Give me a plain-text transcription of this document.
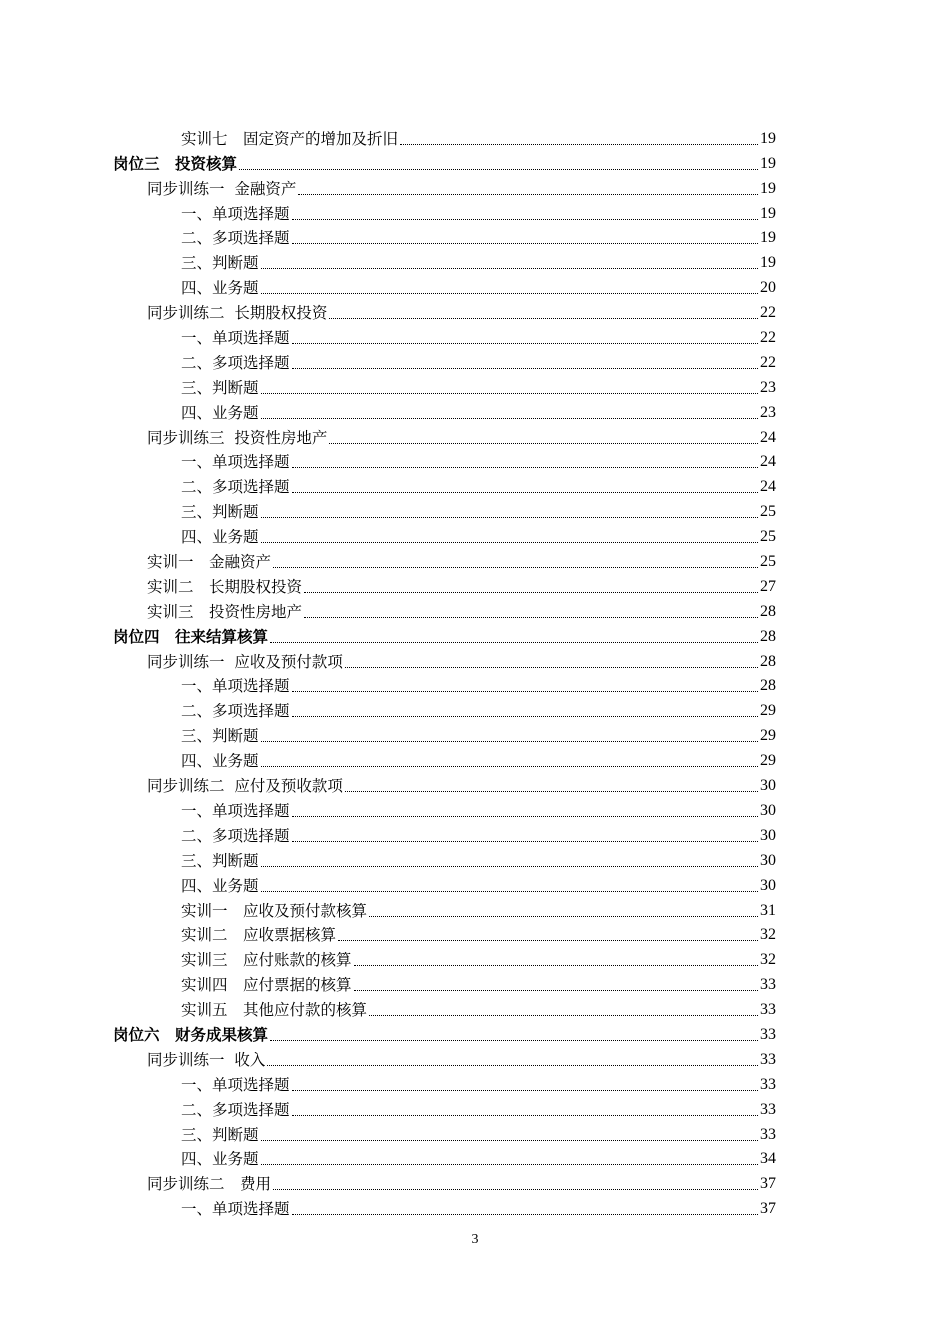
实训七　固定资产的增加及折旧	19
岗位三　投资核算	19
同步训练一  金融资产	19
一、单项选择题	19
二、多项选择题	19
三、判断题	19
四、业务题	20
同步训练二  长期股权投资	22
一、单项选择题	22
二、多项选择题	22
三、判断题	23
四、业务题	23
同步训练三  投资性房地产	24
一、单项选择题	24
二、多项选择题	24
三、判断题	25
四、业务题	25
实训一　金融资产	25
实训二　长期股权投资	27
实训三　投资性房地产	28
岗位四　往来结算核算	28
同步训练一  应收及预付款项	28
一、单项选择题	28
二、多项选择题	29
三、判断题	29
四、业务题	29
同步训练二  应付及预收款项	30
一、单项选择题	30
二、多项选择题	30
三、判断题	30
四、业务题	30
实训一　应收及预付款核算	31
实训二　应收票据核算	32
实训三　应付账款的核算	32
实训四　应付票据的核算	33
实训五　其他应付款的核算	33
岗位六　财务成果核算	33
同步训练一  收入	33
一、单项选择题	33
二、多项选择题	33
三、判断题	33
四、业务题	34
同步训练二　费用	37
一、单项选择题	37
3
